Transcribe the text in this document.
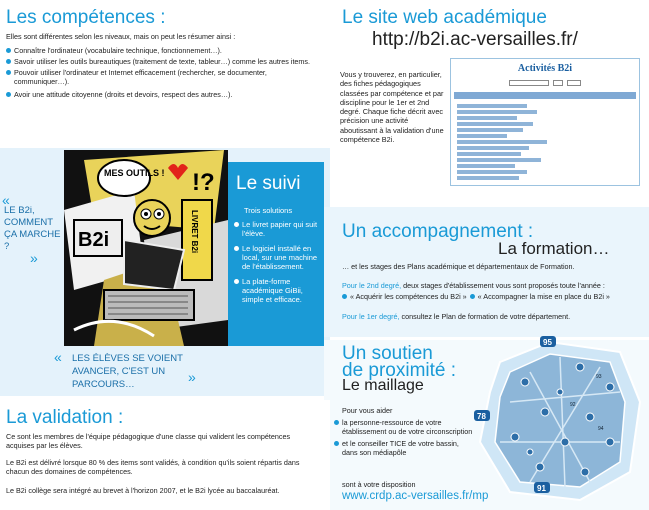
Les compétences :
Elles sont différentes selon les niveaux, mais on peut les résumer ainsi :
Connaître l'ordinateur (vocabulaire technique, fonctionnement…).
Savoir utiliser les outils bureautiques (traitement de texte, tableur…) comme les autres items.
Pouvoir utiliser l'ordinateur et Internet efficacement (rechercher, se documenter, communiquer…).
Avoir une attitude citoyenne (droits et devoirs, respect des autres…).
«
LE B2i, COMMENT ÇA MARCHE ?
»
MES OUTILS ! !?
B2i	LIVRET B2i
Le suivi
Trois solutions
Le livret papier qui suit l'élève.
Le logiciel installé en local, sur une machine de l'établissement.
La plate-forme académique GiBii, simple et efficace.
« LES ÉLÈVES SE VOIENT AVANCER, C'EST UN PARCOURS…	»
La validation :
Ce sont les membres de l'équipe pédagogique d'une classe qui valident les compétences acquises par les élèves.
Le B2i est délivré lorsque 80 % des items sont validés, à condition qu'ils soient répartis dans chacun des domaines de compétences.
Le B2i collège sera intégré au brevet à l'horizon 2007, et le B2i lycée au baccalauréat.
Le site web académique
http://b2i.ac-versailles.fr/
Vous y trouverez, en particulier, des fiches pédagogiques classées par compétence et par discipline pour le 1er et 2nd degré. Chaque fiche décrit avec précision une activité aboutissant à la validation d'une compétence B2i.
Activités B2i
Un accompagnement :
La formation…
… et les stages des Plans académique et départementaux de Formation.
Pour le 2nd degré, deux stages d'établissement vous sont proposés toute l'année :
« Acquérir les compétences du B2i » « Accompagner la mise en place du B2i »
Pour le 1er degré, consultez le Plan de formation de votre département.
Un soutien
de proximité :
Le maillage
Pour vous aider
la personne-ressource de votre établissement ou de votre circonscription
et le conseiller TICE de votre bassin, dans son médiapôle
sont à votre disposition
www.crdp.ac-versailles.fr/mp
95
78
91
92
93
94
